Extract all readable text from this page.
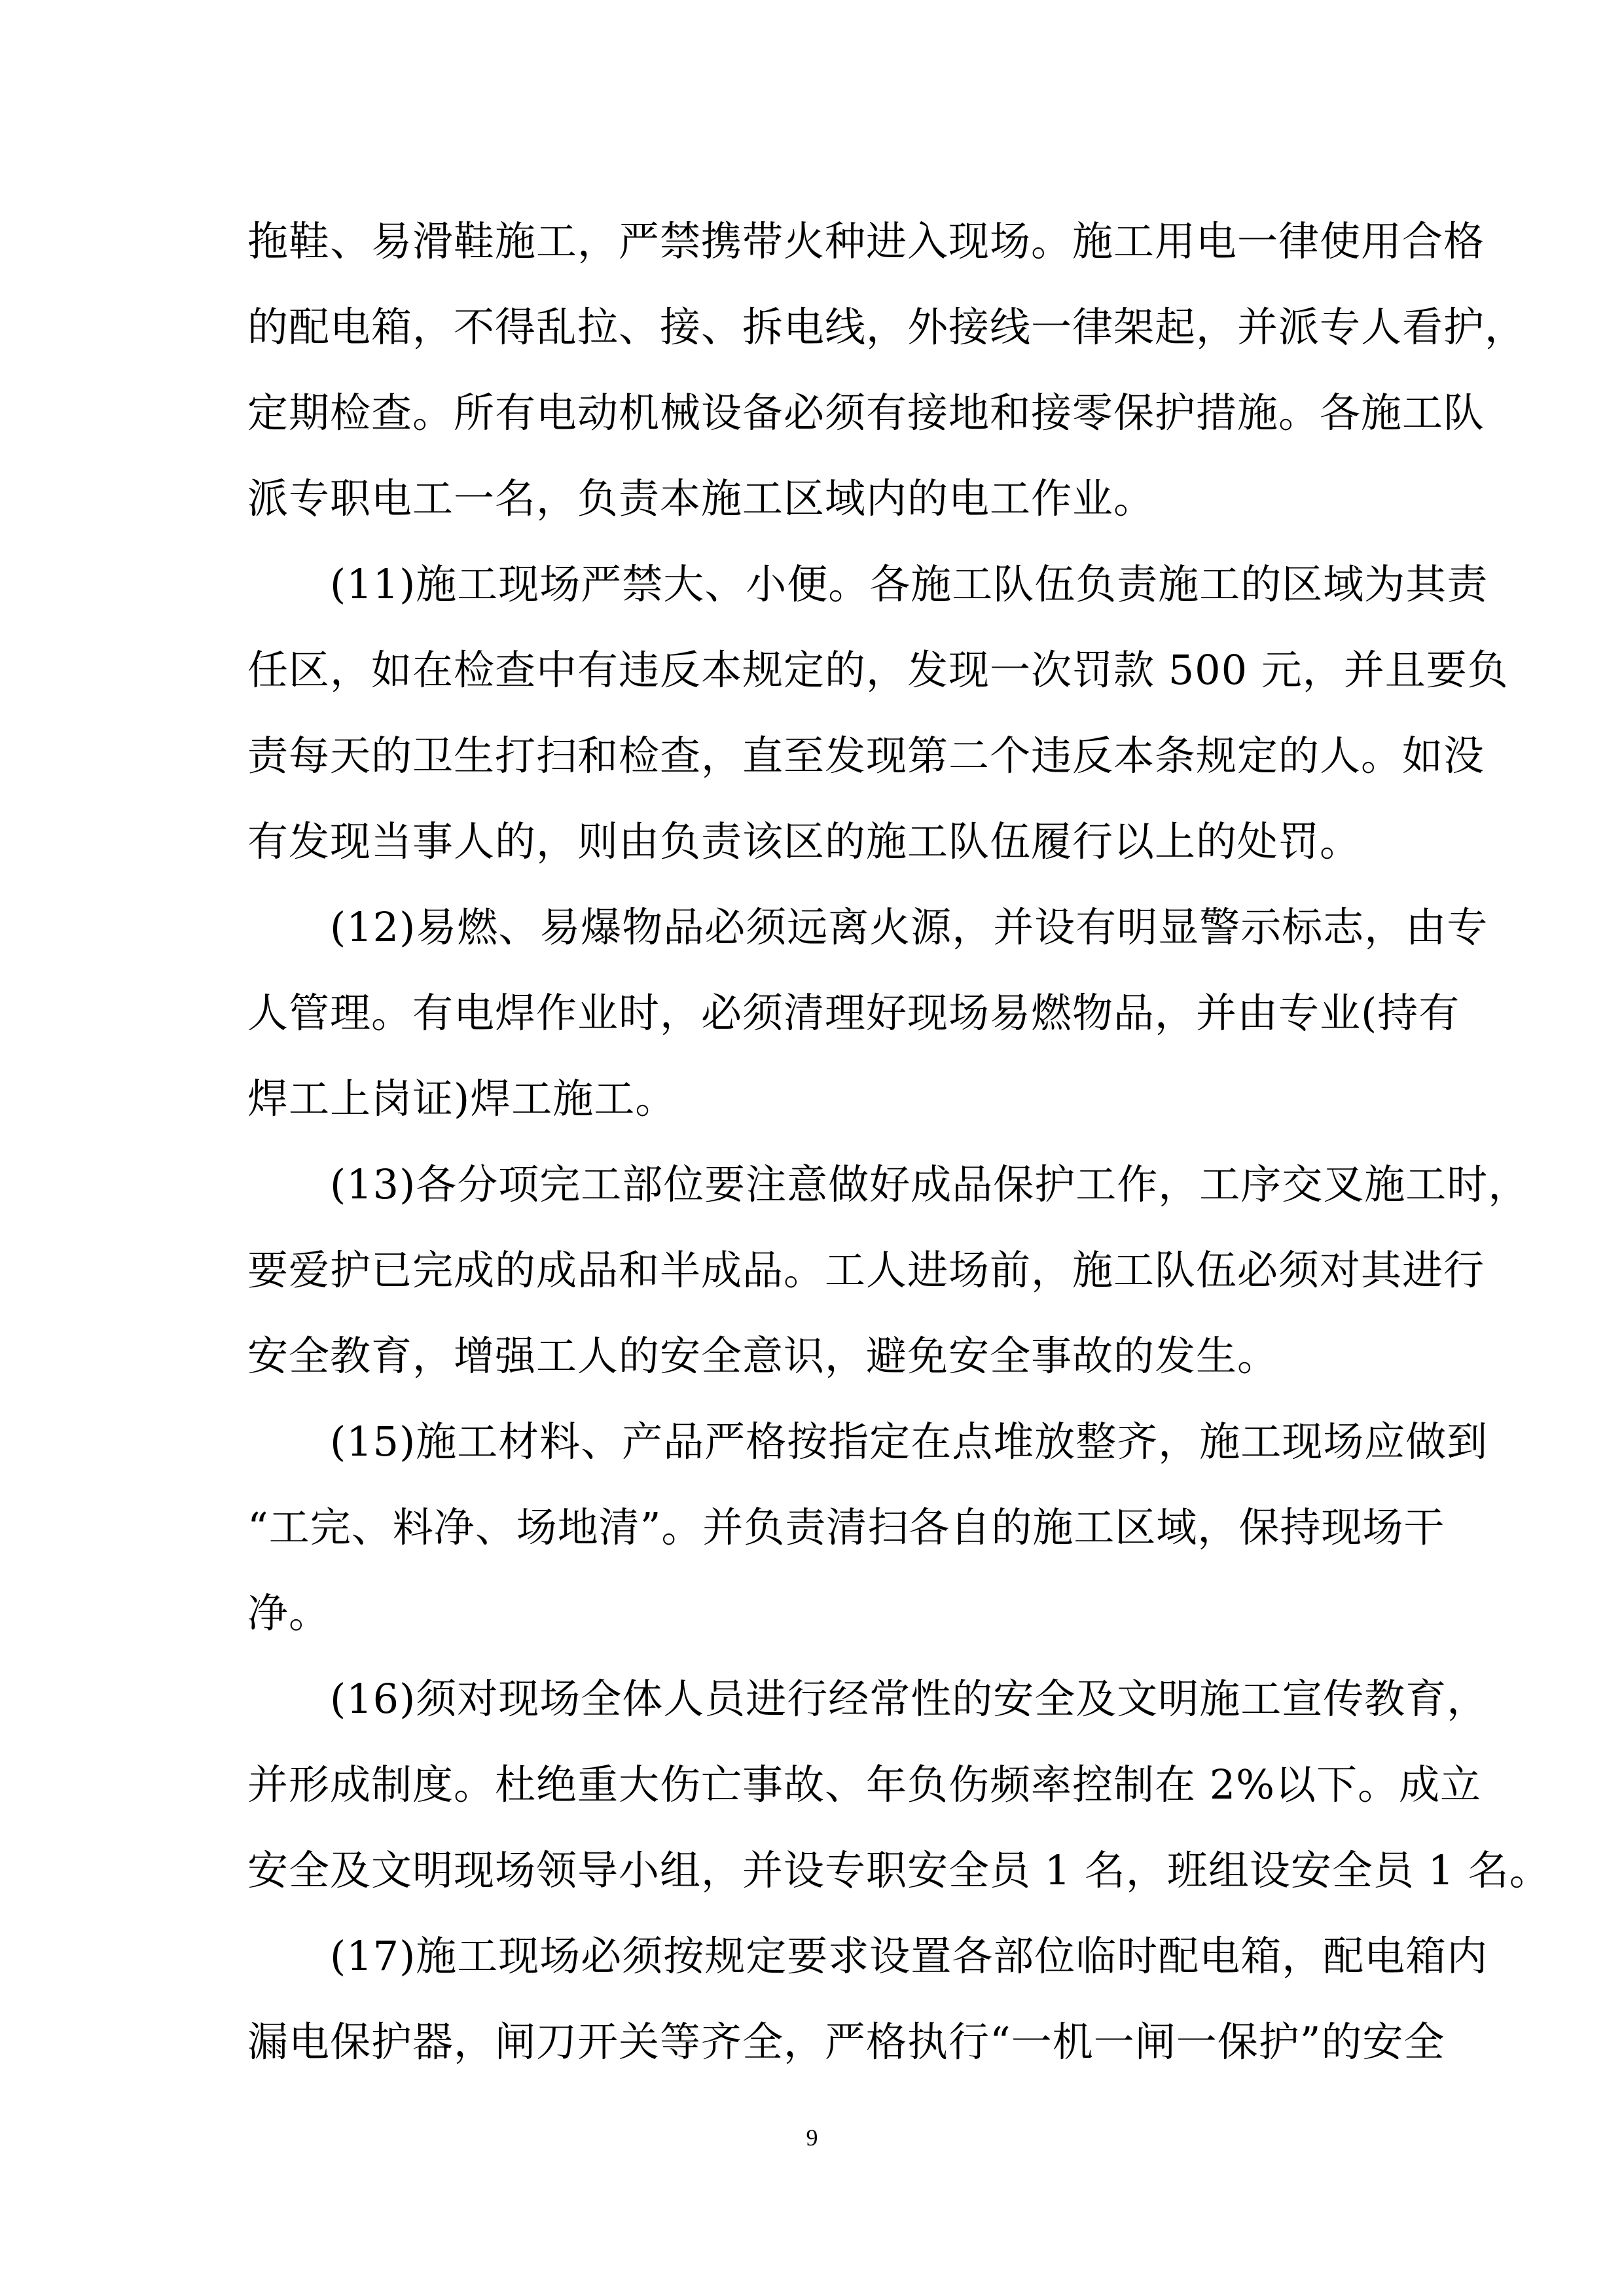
拖鞋、易滑鞋施工，严禁携带火种进入现场。施工用电一律使用合格
的配电箱，不得乱拉、接、拆电线，外接线一律架起，并派专人看护，
定期检查。所有电动机械设备必须有接地和接零保护措施。各施工队
派专职电工一名，负责本施工区域内的电工作业。
(11)施工现场严禁大、小便。各施工队伍负责施工的区域为其责
任区，如在检查中有违反本规定的，发现一次罚款 500 元，并且要负
责每天的卫生打扫和检查，直至发现第二个违反本条规定的人。如没
有发现当事人的，则由负责该区的施工队伍履行以上的处罚。
(12)易燃、易爆物品必须远离火源，并设有明显警示标志，由专
人管理。有电焊作业时，必须清理好现场易燃物品，并由专业(持有
焊工上岗证)焊工施工。
(13)各分项完工部位要注意做好成品保护工作，工序交叉施工时，
要爱护已完成的成品和半成品。工人进场前，施工队伍必须对其进行
安全教育，增强工人的安全意识，避免安全事故的发生。
(15)施工材料、产品严格按指定在点堆放整齐，施工现场应做到
“工完、料净、场地清”。并负责清扫各自的施工区域，保持现场干
净。
(16)须对现场全体人员进行经常性的安全及文明施工宣传教育，
并形成制度。杜绝重大伤亡事故、年负伤频率控制在 2%以下。成立
安全及文明现场领导小组，并设专职安全员 1 名，班组设安全员 1 名。
(17)施工现场必须按规定要求设置各部位临时配电箱，配电箱内
漏电保护器，闸刀开关等齐全，严格执行“一机一闸一保护”的安全
9
